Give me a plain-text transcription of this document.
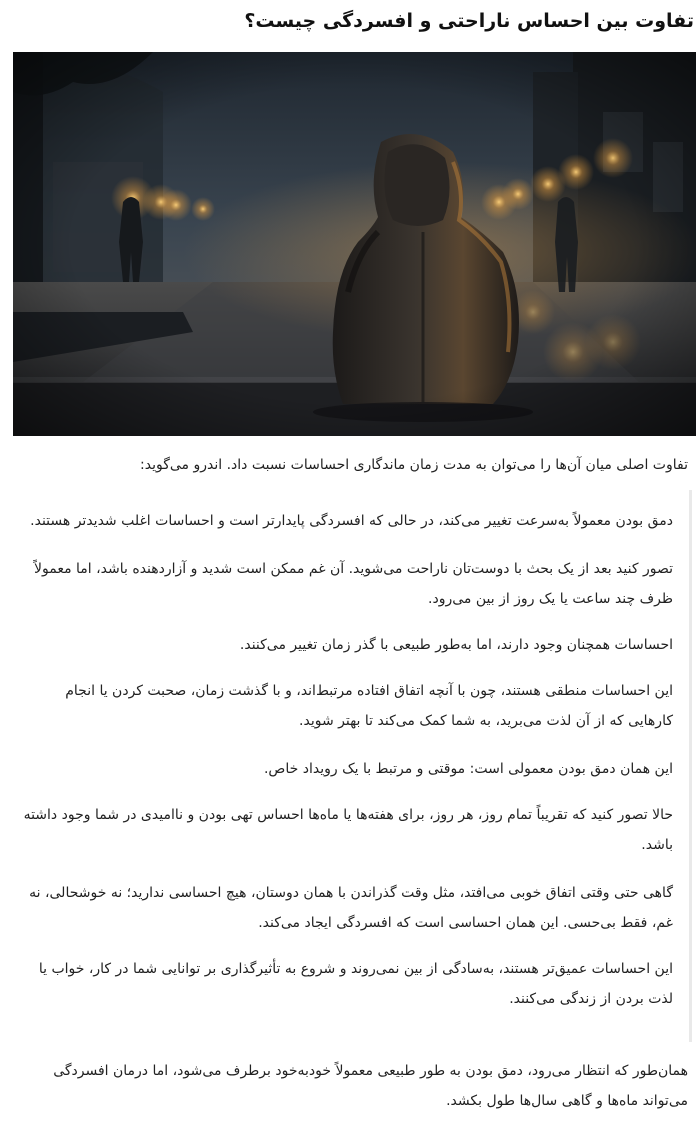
تفاوت بین احساس ناراحتی و افسردگی چیست؟

تفاوت اصلی میان آن‌ها را می‌توان به مدت زمان ماندگاری احساسات نسبت داد. اندرو می‌گوید:

دمق بودن معمولاً به‌سرعت تغییر می‌کند، در حالی که افسردگی پایدارتر است و احساسات اغلب شدیدتر هستند.

تصور کنید بعد از یک بحث با دوست‌تان ناراحت می‌شوید. آن غم ممکن است شدید و آزاردهنده باشد، اما معمولاً ظرف چند ساعت یا یک روز از بین می‌رود.

احساسات همچنان وجود دارند، اما به‌طور طبیعی با گذر زمان تغییر می‌کنند.

این احساسات منطقی هستند، چون با آنچه اتفاق افتاده مرتبط‌اند، و با گذشت زمان، صحبت کردن یا انجام کارهایی که از آن لذت می‌برید، به شما کمک می‌کند تا بهتر شوید.

این همان دمق بودن معمولی است: موقتی و مرتبط با یک رویداد خاص.

حالا تصور کنید که تقریباً تمام روز، هر روز، برای هفته‌ها یا ماه‌ها احساس تهی بودن و ناامیدی در شما وجود داشته باشد.

گاهی حتی وقتی اتفاق خوبی می‌افتد، مثل وقت گذراندن با همان دوستان، هیچ احساسی ندارید؛ نه خوشحالی، نه غم، فقط بی‌حسی. این همان احساسی است که افسردگی ایجاد می‌کند.

این احساسات عمیق‌تر هستند، به‌سادگی از بین نمی‌روند و شروع به تأثیرگذاری بر توانایی شما در کار، خواب یا لذت بردن از زندگی می‌کنند.

همان‌طور که انتظار می‌رود، دمق بودن به طور طبیعی معمولاً خودبه‌خود برطرف می‌شود، اما درمان افسردگی می‌تواند ماه‌ها و گاهی سال‌ها طول بکشد.
